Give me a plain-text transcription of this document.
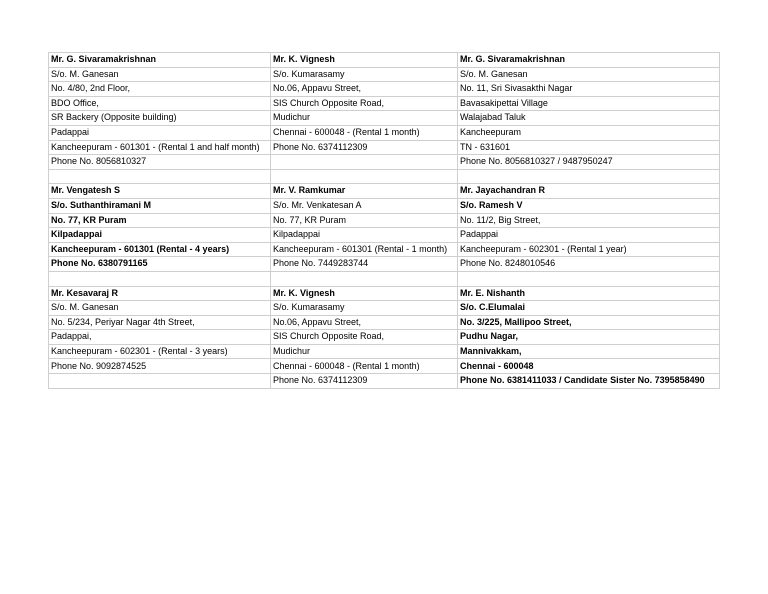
Mr. G. Sivaramakrishnan	Mr. K. Vignesh	Mr. G. Sivaramakrishnan
S/o. M. Ganesan	S/o. Kumarasamy	S/o. M. Ganesan
No. 4/80, 2nd Floor,	No.06, Appavu Street,	No. 11, Sri Sivasakthi Nagar
BDO Office,	SIS Church Opposite Road,	Bavasakipettai Village
SR Backery (Opposite building)	Mudichur	Walajabad Taluk
Padappai	Chennai - 600048 - (Rental 1 month)	Kancheepuram
Kancheepuram - 601301 - (Rental 1 and half month)	Phone No. 6374112309	TN - 631601
Phone No. 8056810327		Phone No. 8056810327 / 9487950247

Mr. Vengatesh S	Mr. V. Ramkumar	Mr. Jayachandran R
S/o. Suthanthiramani M	S/o. Mr. Venkatesan A	S/o. Ramesh V
No. 77, KR Puram	No. 77, KR Puram	No. 11/2, Big Street,
Kilpadappai	Kilpadappai	Padappai
Kancheepuram - 601301 (Rental - 4 years)	Kancheepuram - 601301 (Rental - 1 month)	Kancheepuram - 602301 - (Rental 1 year)
Phone No. 6380791165	Phone No. 7449283744	Phone No. 8248010546

Mr. Kesavaraj R	Mr. K. Vignesh	Mr. E. Nishanth
S/o. M. Ganesan	S/o. Kumarasamy	S/o. C.Elumalai
No. 5/234, Periyar Nagar 4th Street,	No.06, Appavu Street,	No. 3/225, Mallipoo Street,
Padappai,	SIS Church Opposite Road,	Pudhu Nagar,
Kancheepuram - 602301 - (Rental - 3 years)	Mudichur	Mannivakkam,
Phone No. 9092874525	Chennai - 600048 - (Rental 1 month)	Chennai - 600048
	Phone No. 6374112309	Phone No. 6381411033 / Candidate Sister No. 7395858490
